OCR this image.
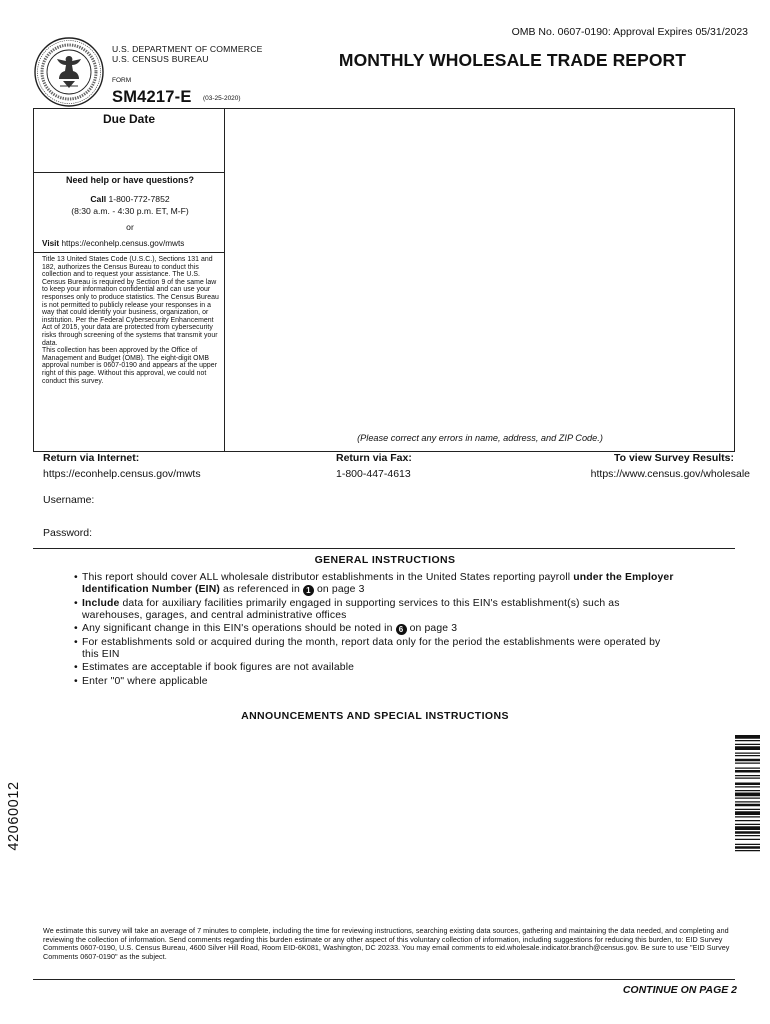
U.S. DEPARTMENT OF COMMERCE
U.S. CENSUS BUREAU
FORM
SM4217-E (03-25-2020)
OMB No. 0607-0190: Approval Expires 05/31/2023
MONTHLY WHOLESALE TRADE REPORT
Due Date
Need help or have questions?
Call 1-800-772-7852
(8:30 a.m. - 4:30 p.m. ET, M-F)
or
Visit https://econhelp.census.gov/mwts

Title 13 United States Code (U.S.C.), Sections 131 and 182, authorizes the Census Bureau to conduct this collection and to request your assistance. The U.S. Census Bureau is required by Section 9 of the same law to keep your information confidential and can use your responses only to produce statistics. The Census Bureau is not permitted to publicly release your responses in a way that could identify your business, organization, or institution. Per the Federal Cybersecurity Enhancement Act of 2015, your data are protected from cybersecurity risks through screening of the systems that transmit your data.

This collection has been approved by the Office of Management and Budget (OMB). The eight-digit OMB approval number is 0607-0190 and appears at the upper right of this page. Without this approval, we could not conduct this survey.

(Please correct any errors in name, address, and ZIP Code.)
Return via Internet:
https://econhelp.census.gov/mwts
Return via Fax:
1-800-447-4613
To view Survey Results:
https://www.census.gov/wholesale
Username:
Password:
GENERAL INSTRUCTIONS
• This report should cover ALL wholesale distributor establishments in the United States reporting payroll under the Employer Identification Number (EIN) as referenced in 1 on page 3
• Include data for auxiliary facilities primarily engaged in supporting services to this EIN's establishment(s) such as warehouses, garages, and central administrative offices
• Any significant change in this EIN's operations should be noted in 6 on page 3
• For establishments sold or acquired during the month, report data only for the period the establishments were operated by this EIN
• Estimates are acceptable if book figures are not available
• Enter "0" where applicable
ANNOUNCEMENTS AND SPECIAL INSTRUCTIONS
42060012
We estimate this survey will take an average of 7 minutes to complete, including the time for reviewing instructions, searching existing data sources, gathering and maintaining the data needed, and completing and reviewing the collection of information. Send comments regarding this burden estimate or any other aspect of this voluntary collection of information, including suggestions for reducing this burden, to: EID Survey Comments 0607-0190, U.S. Census Bureau, 4600 Silver Hill Road, Room EID-6K081, Washington, DC 20233. You may email comments to eid.wholesale.indicator.branch@census.gov. Be sure to use "EID Survey Comments 0607-0190" as the subject.
CONTINUE ON PAGE 2
